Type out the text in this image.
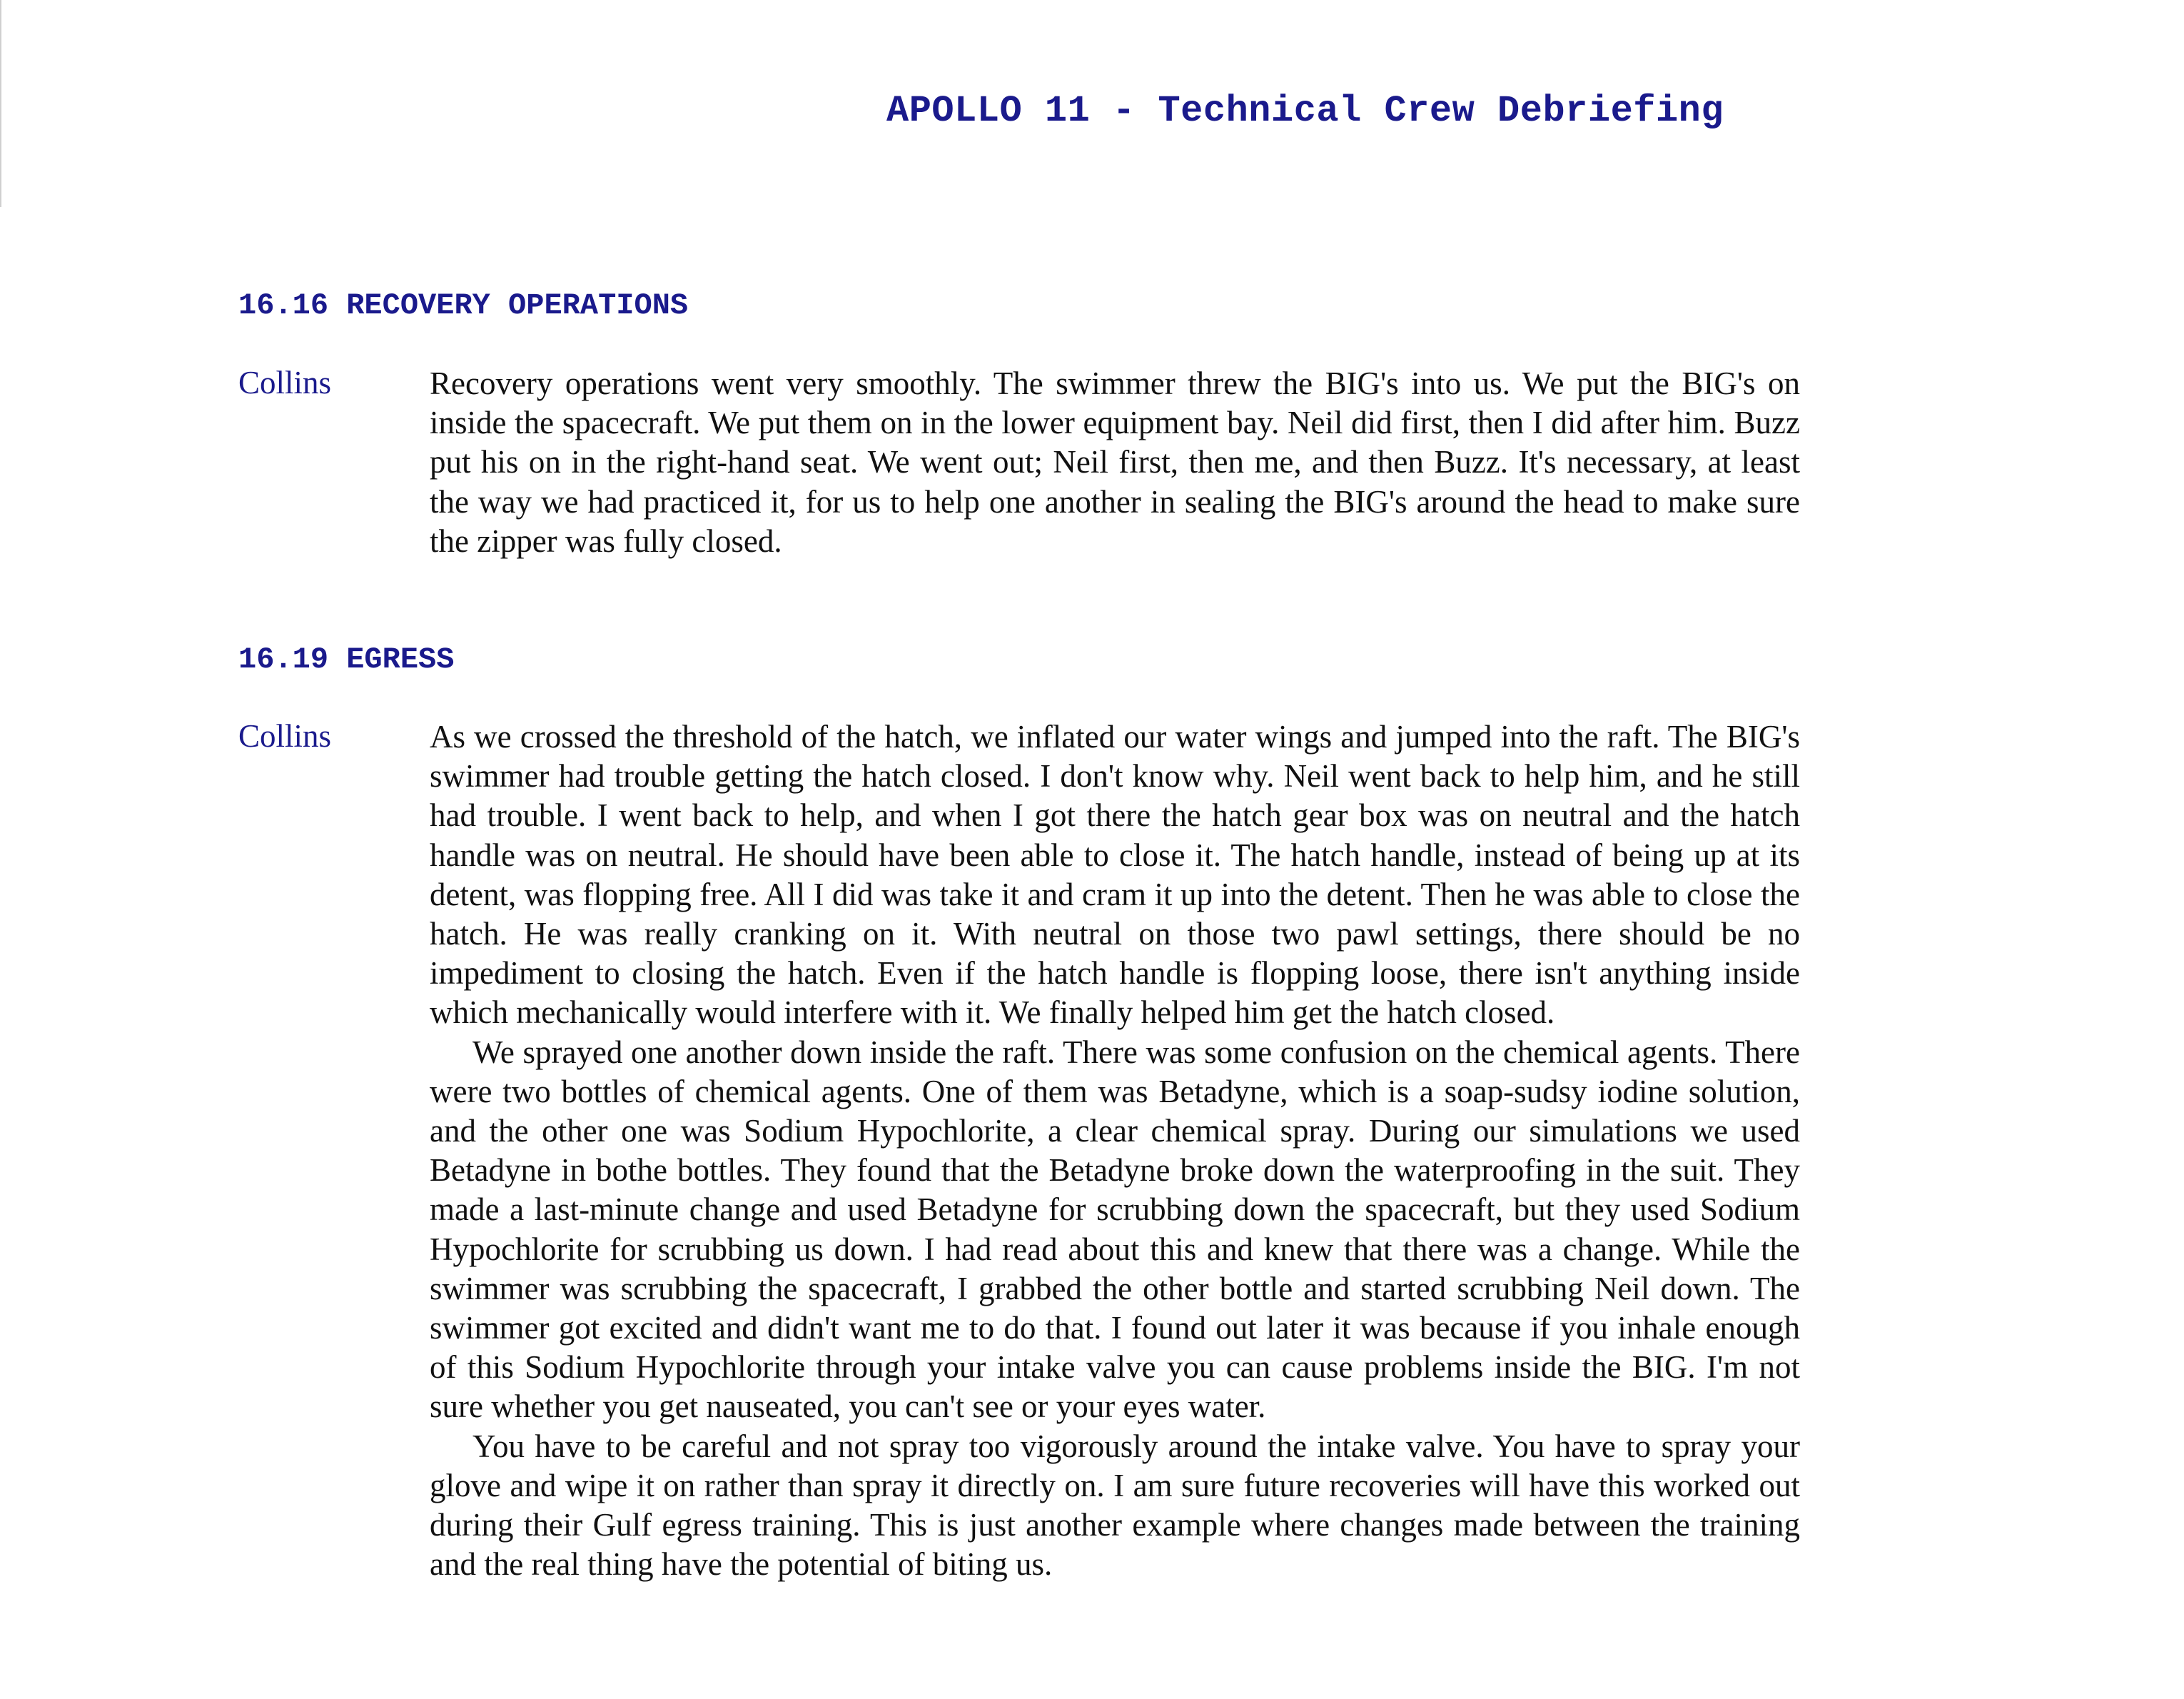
APOLLO 11 - Technical Crew Debriefing
16.16 RECOVERY OPERATIONS
Collins	Recovery operations went very smoothly. The swimmer threw the BIG's into us. We put the BIG's on inside the spacecraft. We put them on in the lower equipment bay. Neil did first, then I did after him. Buzz put his on in the right-hand seat. We went out; Neil first, then me, and then Buzz. It's necessary, at least the way we had practiced it, for us to help one another in sealing the BIG's around the head to make sure the zipper was fully closed.

16.19 EGRESS
Collins	As we crossed the threshold of the hatch, we inflated our water wings and jumped into the raft. The BIG's swimmer had trouble getting the hatch closed. I don't know why. Neil went back to help him, and he still had trouble. I went back to help, and when I got there the hatch gear box was on neutral and the hatch handle was on neutral. He should have been able to close it. The hatch handle, instead of being up at its detent, was flopping free. All I did was take it and cram it up into the detent. Then he was able to close the hatch. He was really cranking on it. With neutral on those two pawl settings, there should be no impediment to closing the hatch. Even if the hatch handle is flopping loose, there isn't anything inside which mechanically would interfere with it. We finally helped him get the hatch closed.

We sprayed one another down inside the raft. There was some confusion on the chemical agents. There were two bottles of chemical agents. One of them was Betadyne, which is a soap-sudsy iodine solution, and the other one was Sodium Hypochlorite, a clear chemical spray. During our simulations we used Betadyne in bothe bottles. They found that the Betadyne broke down the waterproofing in the suit. They made a last-minute change and used Betadyne for scrubbing down the spacecraft, but they used Sodium Hypochlorite for scrubbing us down. I had read about this and knew that there was a change. While the swimmer was scrubbing the spacecraft, I grabbed the other bottle and started scrubbing Neil down. The swimmer got excited and didn't want me to do that. I found out later it was because if you inhale enough of this Sodium Hypochlorite through your intake valve you can cause problems inside the BIG. I'm not sure whether you get nauseated, you can't see or your eyes water.

You have to be careful and not spray too vigorously around the intake valve. You have to spray your glove and wipe it on rather than spray it directly on. I am sure future recoveries will have this worked out during their Gulf egress training. This is just another example where changes made between the training and the real thing have the potential of biting us.
